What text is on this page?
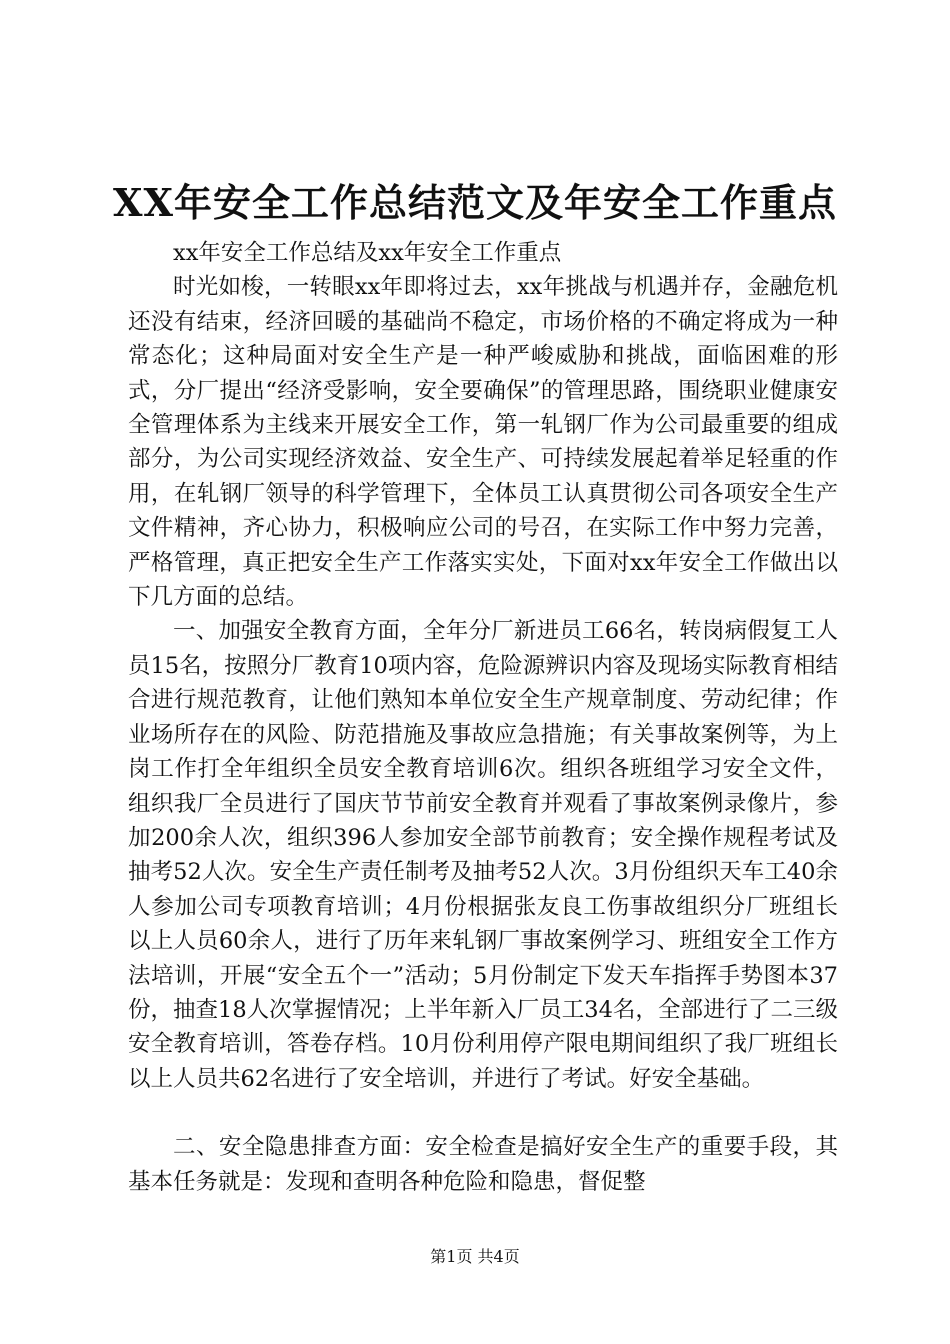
XX年安全工作总结范文及年安全工作重点

xx年安全工作总结及xx年安全工作重点

时光如梭，一转眼xx年即将过去，xx年挑战与机遇并存，金融危机还没有结束，经济回暖的基础尚不稳定，市场价格的不确定将成为一种常态化；这种局面对安全生产是一种严峻威胁和挑战，面临困难的形式，分厂提出“经济受影响，安全要确保”的管理思路，围绕职业健康安全管理体系为主线来开展安全工作，第一轧钢厂作为公司最重要的组成部分，为公司实现经济效益、安全生产、可持续发展起着举足轻重的作用，在轧钢厂领导的科学管理下，全体员工认真贯彻公司各项安全生产文件精神，齐心协力，积极响应公司的号召，在实际工作中努力完善，严格管理，真正把安全生产工作落实实处，下面对xx年安全工作做出以下几方面的总结。

一、加强安全教育方面，全年分厂新进员工66名，转岗病假复工人员15名，按照分厂教育10项内容，危险源辨识内容及现场实际教育相结合进行规范教育，让他们熟知本单位安全生产规章制度、劳动纪律；作业场所存在的风险、防范措施及事故应急措施；有关事故案例等，为上岗工作打全年组织全员安全教育培训6次。组织各班组学习安全文件，组织我厂全员进行了国庆节节前安全教育并观看了事故案例录像片，参加200余人次，组织396人参加安全部节前教育；安全操作规程考试及抽考52人次。安全生产责任制考及抽考52人次。3月份组织天车工40余人参加公司专项教育培训；4月份根据张友良工伤事故组织分厂班组长以上人员60余人，进行了历年来轧钢厂事故案例学习、班组安全工作方法培训，开展“安全五个一”活动；5月份制定下发天车指挥手势图本37份，抽查18人次掌握情况；上半年新入厂员工34名，全部进行了二三级安全教育培训，答卷存档。10月份利用停产限电期间组织了我厂班组长以上人员共62名进行了安全培训，并进行了考试。好安全基础。

二、安全隐患排查方面：安全检查是搞好安全生产的重要手段，其基本任务就是：发现和查明各种危险和隐患，督促整

第1页 共4页
